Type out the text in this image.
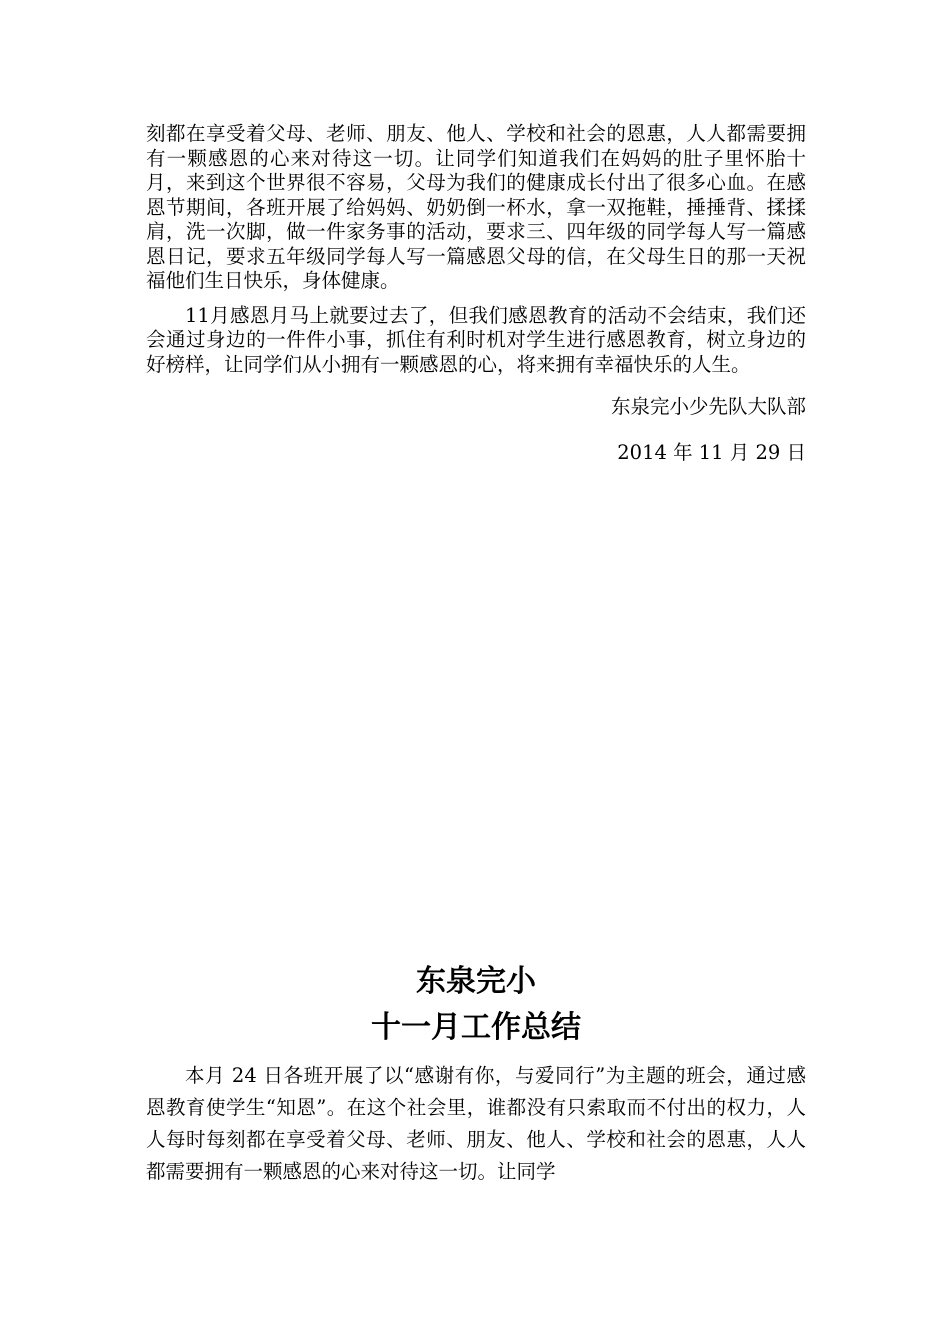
刻都在享受着父母、老师、朋友、他人、学校和社会的恩惠，人人都需要拥有一颗感恩的心来对待这一切。让同学们知道我们在妈妈的肚子里怀胎十月，来到这个世界很不容易，父母为我们的健康成长付出了很多心血。在感恩节期间，各班开展了给妈妈、奶奶倒一杯水，拿一双拖鞋，捶捶背、揉揉肩，洗一次脚，做一件家务事的活动，要求三、四年级的同学每人写一篇感恩日记，要求五年级同学每人写一篇感恩父母的信，在父母生日的那一天祝福他们生日快乐，身体健康。

11月感恩月马上就要过去了，但我们感恩教育的活动不会结束，我们还会通过身边的一件件小事，抓住有利时机对学生进行感恩教育，树立身边的好榜样，让同学们从小拥有一颗感恩的心，将来拥有幸福快乐的人生。

东泉完小少先队大队部

2014 年 11 月 29 日

东泉完小
十一月工作总结

本月 24 日各班开展了以“感谢有你，与爱同行”为主题的班会，通过感恩教育使学生“知恩”。在这个社会里，谁都没有只索取而不付出的权力，人人每时每刻都在享受着父母、老师、朋友、他人、学校和社会的恩惠，人人都需要拥有一颗感恩的心来对待这一切。让同学
